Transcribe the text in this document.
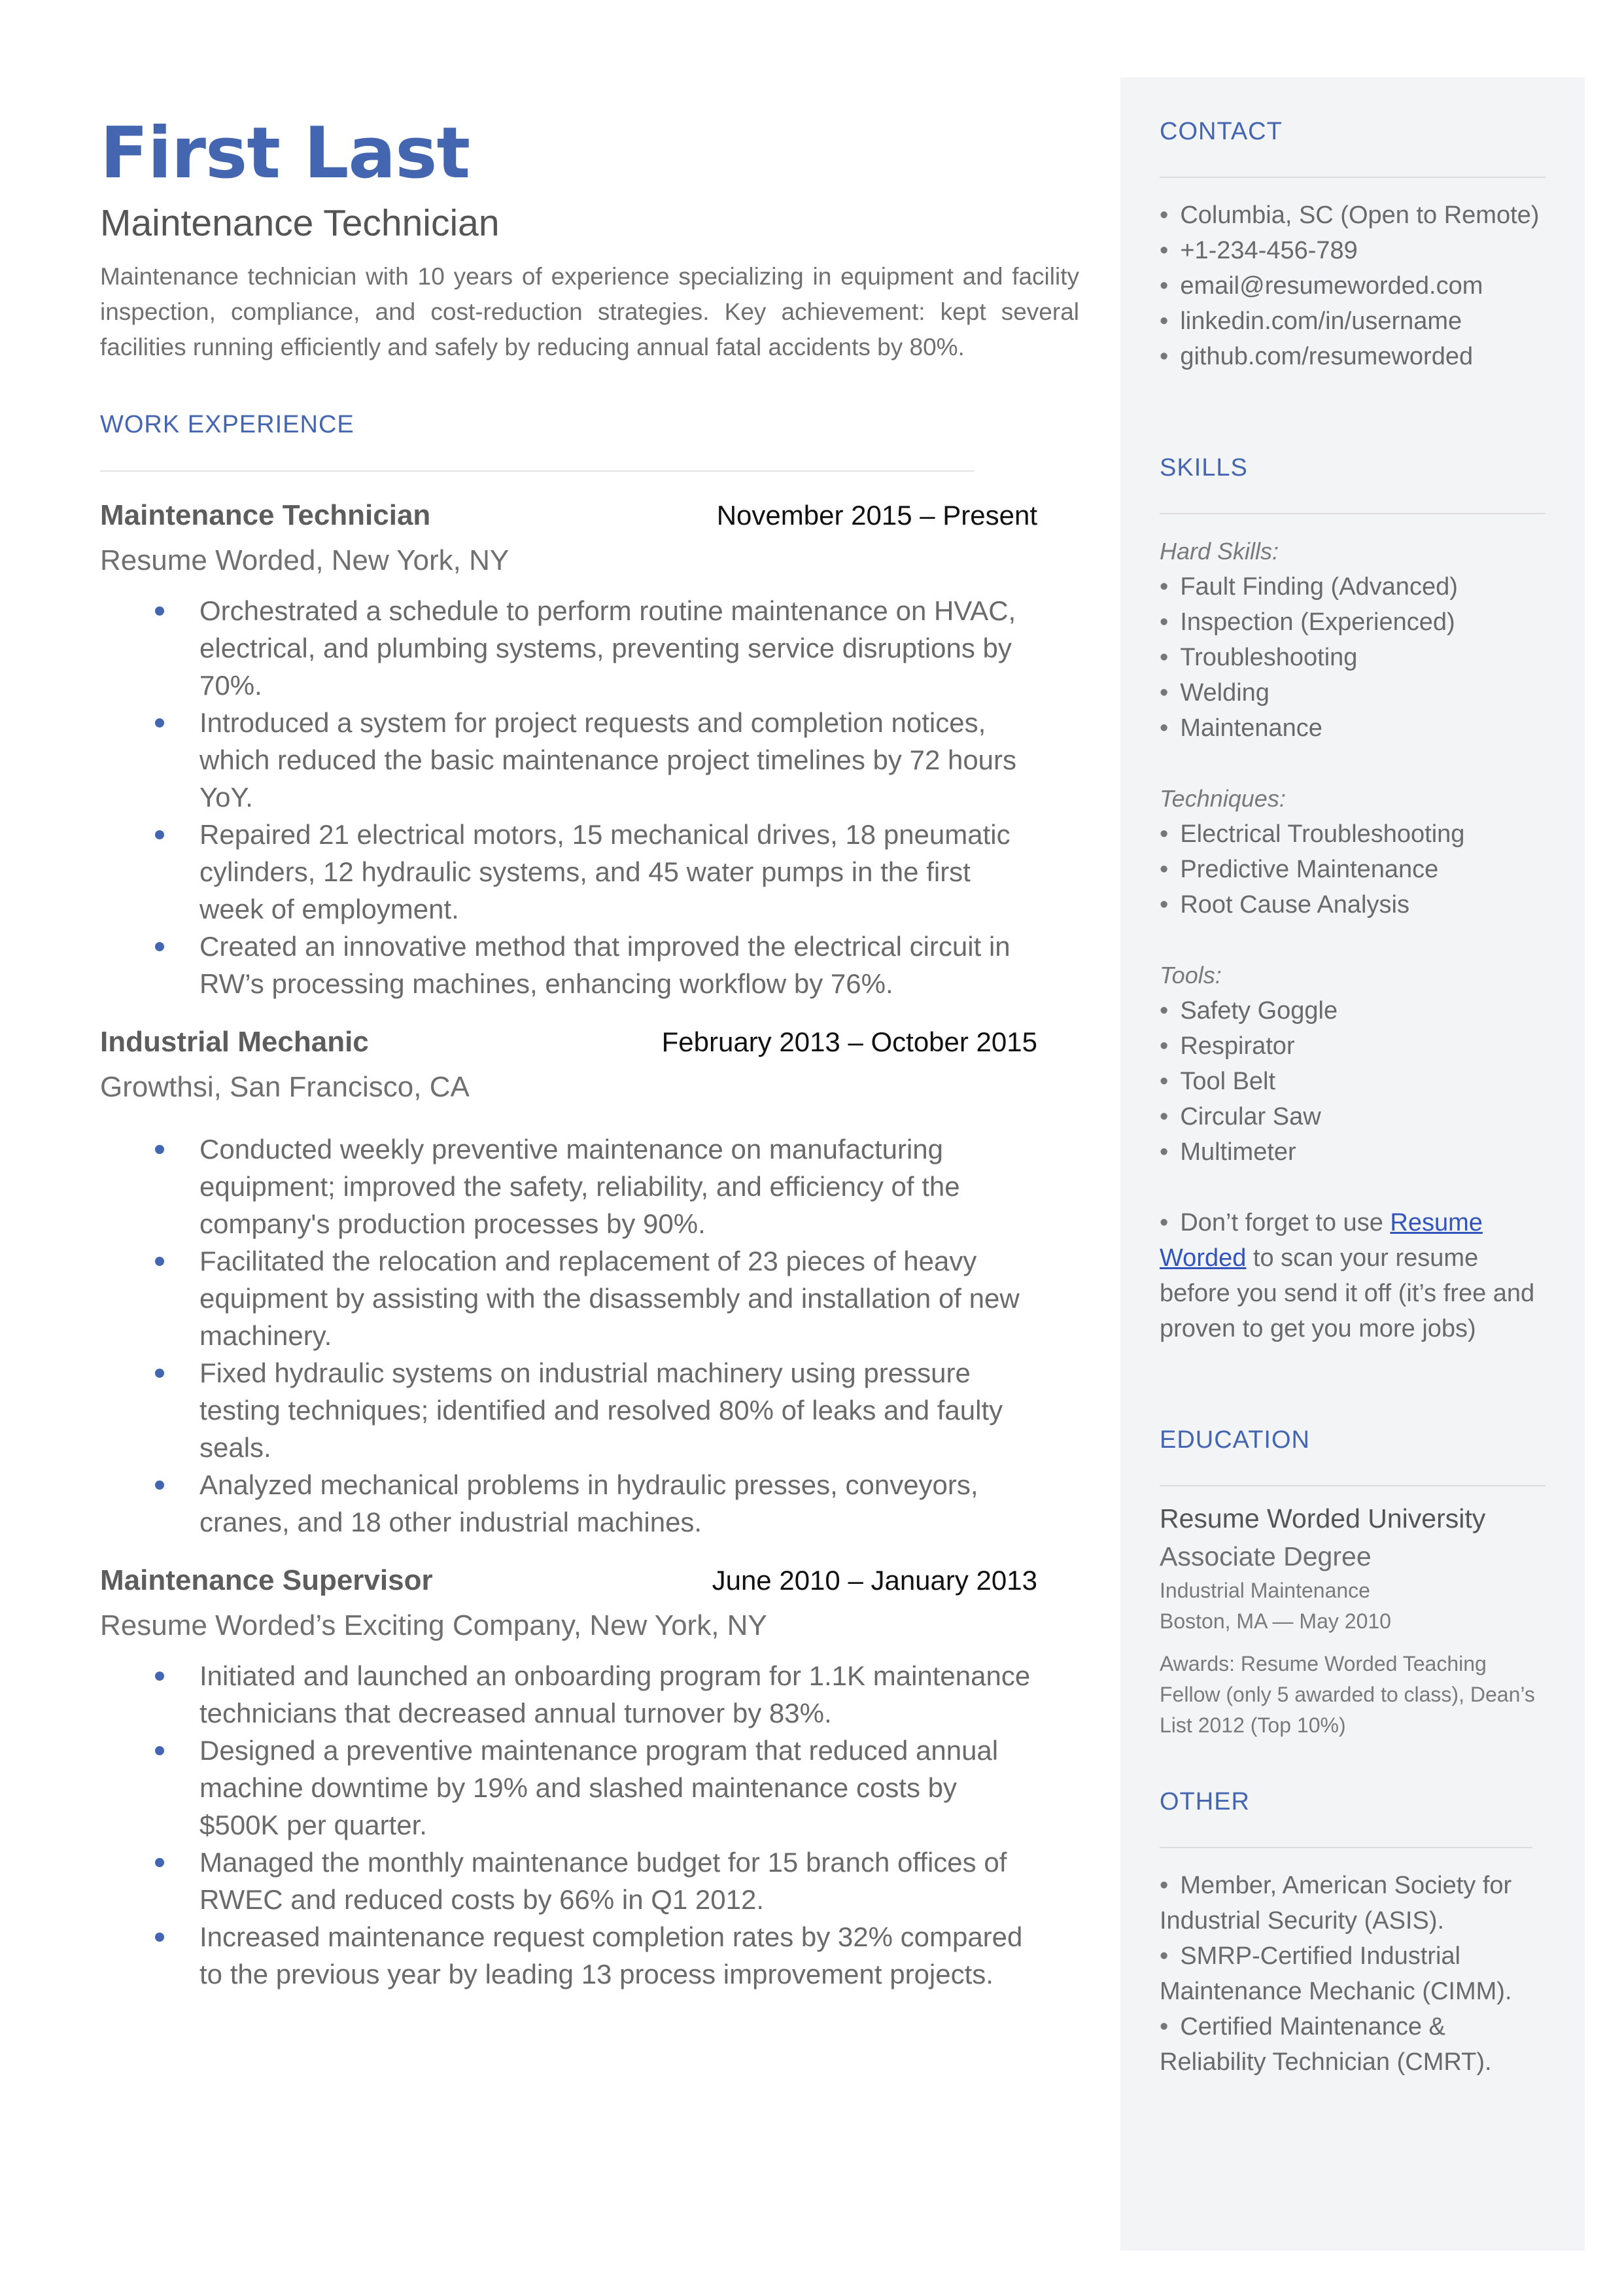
First Last
Maintenance Technician
Maintenance technician with 10 years of experience specializing in equipment and facility inspection, compliance, and cost-reduction strategies. Key achievement: kept several facilities running efficiently and safely by reducing annual fatal accidents by 80%.
WORK EXPERIENCE
Maintenance Technician	November 2015 – Present
Resume Worded, New York, NY
Orchestrated a schedule to perform routine maintenance on HVAC, electrical, and plumbing systems, preventing service disruptions by 70%.
Introduced a system for project requests and completion notices, which reduced the basic maintenance project timelines by 72 hours YoY.
Repaired 21 electrical motors, 15 mechanical drives, 18 pneumatic cylinders, 12 hydraulic systems, and 45 water pumps in the first week of employment.
Created an innovative method that improved the electrical circuit in RW’s processing machines, enhancing workflow by 76%.
Industrial Mechanic	February 2013 – October 2015
Growthsi, San Francisco, CA
Conducted weekly preventive maintenance on manufacturing equipment; improved the safety, reliability, and efficiency of the company's production processes by 90%.
Facilitated the relocation and replacement of 23 pieces of heavy equipment by assisting with the disassembly and installation of new machinery.
Fixed hydraulic systems on industrial machinery using pressure testing techniques; identified and resolved 80% of leaks and faulty seals.
Analyzed mechanical problems in hydraulic presses, conveyors, cranes, and 18 other industrial machines.
Maintenance Supervisor	June 2010 – January 2013
Resume Worded’s Exciting Company, New York, NY
Initiated and launched an onboarding program for 1.1K maintenance technicians that decreased annual turnover by 83%.
Designed a preventive maintenance program that reduced annual machine downtime by 19% and slashed maintenance costs by $500K per quarter.
Managed the monthly maintenance budget for 15 branch offices of RWEC and reduced costs by 66% in Q1 2012.
Increased maintenance request completion rates by 32% compared to the previous year by leading 13 process improvement projects.
CONTACT
• Columbia, SC (Open to Remote)
• +1-234-456-789
• email@resumeworded.com
• linkedin.com/in/username
• github.com/resumeworded
SKILLS
Hard Skills:
• Fault Finding (Advanced)
• Inspection (Experienced)
• Troubleshooting
• Welding
• Maintenance
Techniques:
• Electrical Troubleshooting
• Predictive Maintenance
• Root Cause Analysis
Tools:
• Safety Goggle
• Respirator
• Tool Belt
• Circular Saw
• Multimeter
• Don’t forget to use Resume Worded to scan your resume before you send it off (it’s free and proven to get you more jobs)
EDUCATION
Resume Worded University
Associate Degree
Industrial Maintenance
Boston, MA — May 2010
Awards: Resume Worded Teaching Fellow (only 5 awarded to class), Dean’s List 2012 (Top 10%)
OTHER
• Member, American Society for Industrial Security (ASIS).
• SMRP-Certified Industrial Maintenance Mechanic (CIMM).
• Certified Maintenance & Reliability Technician (CMRT).
